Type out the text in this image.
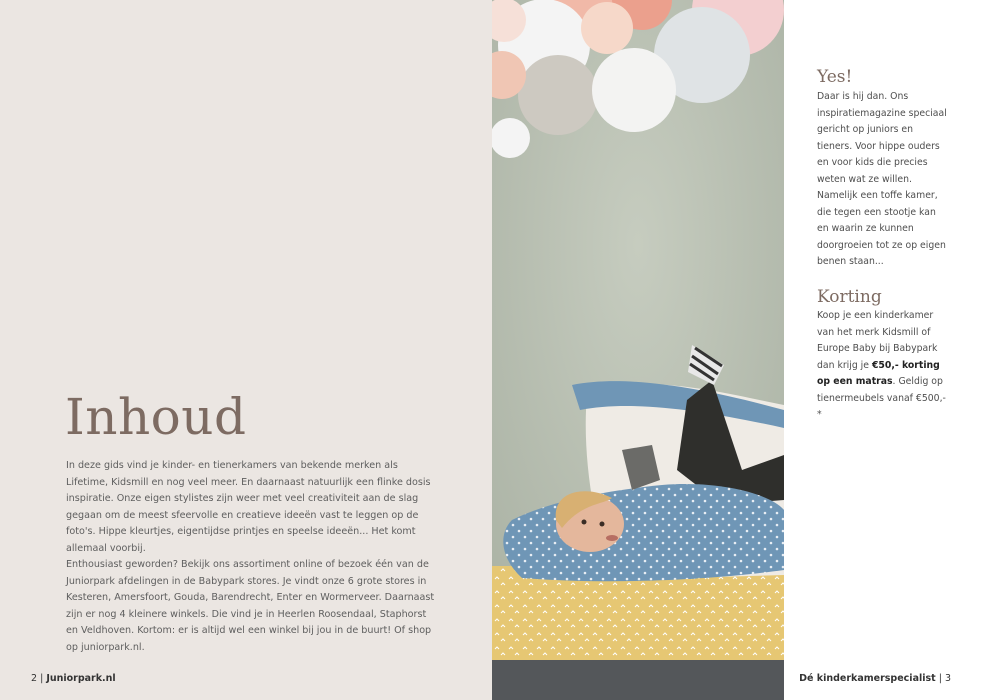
Inhoud

In deze gids vind je kinder- en tienerkamers van bekende merken als Lifetime, Kidsmill en nog veel meer. En daarnaast natuurlijk een flinke dosis inspiratie. Onze eigen stylistes zijn weer met veel creativiteit aan de slag gegaan om de meest sfeervolle en creatieve ideeën vast te leggen op de foto's. Hippe kleurtjes, eigentijdse printjes en speelse ideeën... Het komt allemaal voorbij.

Enthousiast geworden? Bekijk ons assortiment online of bezoek één van de Juniorpark afdelingen in de Babypark stores. Je vindt onze 6 grote stores in Kesteren, Amersfoort, Gouda, Barendrecht, Enter en Wormerveer. Daarnaast zijn er nog 4 kleinere winkels. Die vind je in Heerlen Roosendaal, Staphorst en Veldhoven. Kortom: er is altijd wel een winkel bij jou in de buurt! Of shop op juniorpark.nl.

2 | Juniorpark.nl
Yes!

Daar is hij dan. Ons inspiratiemagazine speciaal gericht op juniors en tieners. Voor hippe ouders en voor kids die precies weten wat ze willen. Namelijk een toffe kamer, die tegen een stootje kan en waarin ze kunnen doorgroeien tot ze op eigen benen staan...

Korting

Koop je een kinderkamer van het merk Kidsmill of Europe Baby bij Babypark dan krijg je €50,- korting op een matras. Geldig op tienermeubels vanaf €500,-*

Dé kinderkamerspecialist | 3
